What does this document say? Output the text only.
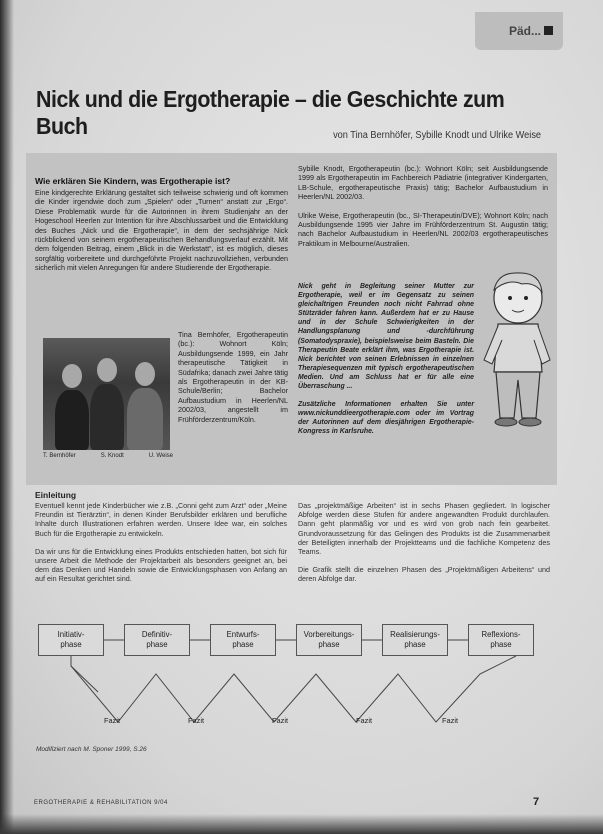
Päd...
Nick und die Ergotherapie – die Geschichte zum Buch	von Tina Bernhöfer, Sybille Knodt und Ulrike Weise
Wie erklären Sie Kindern, was Ergotherapie ist?

Eine kindgerechte Erklärung gestaltet sich teilweise schwierig und oft kommen die Kinder irgendwie doch zum „Spielen“ oder „Turnen“ anstatt zur „Ergo“. Diese Problematik wurde für die Autorinnen in ihrem Studienjahr an der Hogeschool Heerlen zur Intention für ihre Abschlussarbeit und die Entwicklung des Buches „Nick und die Ergotherapie“, in dem der sechsjährige Nick rückblickend von seinem ergotherapeutischen Behandlungsverlauf erzählt. Mit dem folgenden Beitrag, einem „Blick in die Werkstatt“, ist es möglich, dieses sorgfältig vorbereitete und durchgeführte Projekt nachzuvollziehen, verbunden sicherlich mit vielen Anregungen für andere Studierende der Ergotherapie.

Sybille Knodt, Ergotherapeutin (bc.): Wohnort Köln; seit Ausbildungsende 1999 als Ergotherapeutin im Fachbereich Pädiatrie (integrativer Kindergarten, LB-Schule, ergotherapeutische Praxis) tätig; Bachelor Aufbaustudium in Heerlen/NL 2002/03.

Ulrike Weise, Ergotherapeutin (bc., SI-Therapeutin/DVE); Wohnort Köln; nach Ausbildungsende 1995 vier Jahre im Frühförderzentrum St. Augustin tätig; nach Bachelor Aufbaustudium in Heerlen/NL 2002/03 ergotherapeutisches Praktikum in Melbourne/Australien.

Nick geht in Begleitung seiner Mutter zur Ergotherapie, weil er im Gegensatz zu seinen gleichaltrigen Freunden noch nicht Fahrrad ohne Stützräder fahren kann. Außerdem hat er zu Hause und in der Schule Schwierigkeiten in der Handlungsplanung und -durchführung (Somatodyspraxie), beispielsweise beim Basteln. Die Therapeutin Beate erklärt ihm, was Ergotherapie ist. Nick berichtet von seinen Erlebnissen in einzelnen Therapiesequenzen mit typisch ergotherapeutischen Medien. Und am Schluss hat er für alle eine Überraschung ...

Zusätzliche Informationen erhalten Sie unter www.nickunddieergotherapie.com oder im Vortrag der Autorinnen auf dem diesjährigen Ergotherapie-Kongress in Karlsruhe.

T. Bernhöfer	S. Knodt	U. Weise
Tina Bernhöfer, Ergotherapeutin (bc.): Wohnort Köln; Ausbildungsende 1999, ein Jahr therapeutische Tätigkeit in Südafrika; danach zwei Jahre tätig als Ergotherapeutin in der KB-Schule/Berlin; Bachelor Aufbaustudium in Heerlen/NL 2002/03, angestellt im Frühförderzentrum/Köln.
Einleitung

Eventuell kennt jede Kinderbücher wie z.B. „Conni geht zum Arzt“ oder „Meine Freundin ist Tierärztin“, in denen Kinder Berufsbilder erklären und berufliche Inhalte durch Illustrationen erfahren werden. Unsere Idee war, ein solches Buch für die Ergotherapie zu entwickeln.

Da wir uns für die Entwicklung eines Produkts entschieden hatten, bot sich für unsere Arbeit die Methode der Projektarbeit als besonders geeignet an, bei dem das Denken und Handeln sowie die Entwicklungsphasen von Anfang an auf ein Resultat gerichtet sind.

Das „projektmäßige Arbeiten“ ist in sechs Phasen gegliedert. In logischer Abfolge werden diese Stufen für andere angewandten Produkt durchlaufen. Dann geht planmäßig vor und es wird von grob nach fein gearbeitet. Grundvoraussetzung für das Gelingen des Produkts ist die Zusammenarbeit der Beteiligten innerhalb der Projektteams und die fachliche Kompetenz des Teams.

Die Grafik stellt die einzelnen Phasen des „Projektmäßigen Arbeitens“ und deren Abfolge dar.

Initiativ-
phase
Definitiv-
phase
Entwurfs-
phase
Vorbereitungs-
phase
Realisierungs-
phase
Reflexions-
phase
Fazit	Fazit	Fazit	Fazit	Fazit
Modifiziert nach M. Sponer 1999, S.26
ERGOTHERAPIE & REHABILITATION 9/04	7
